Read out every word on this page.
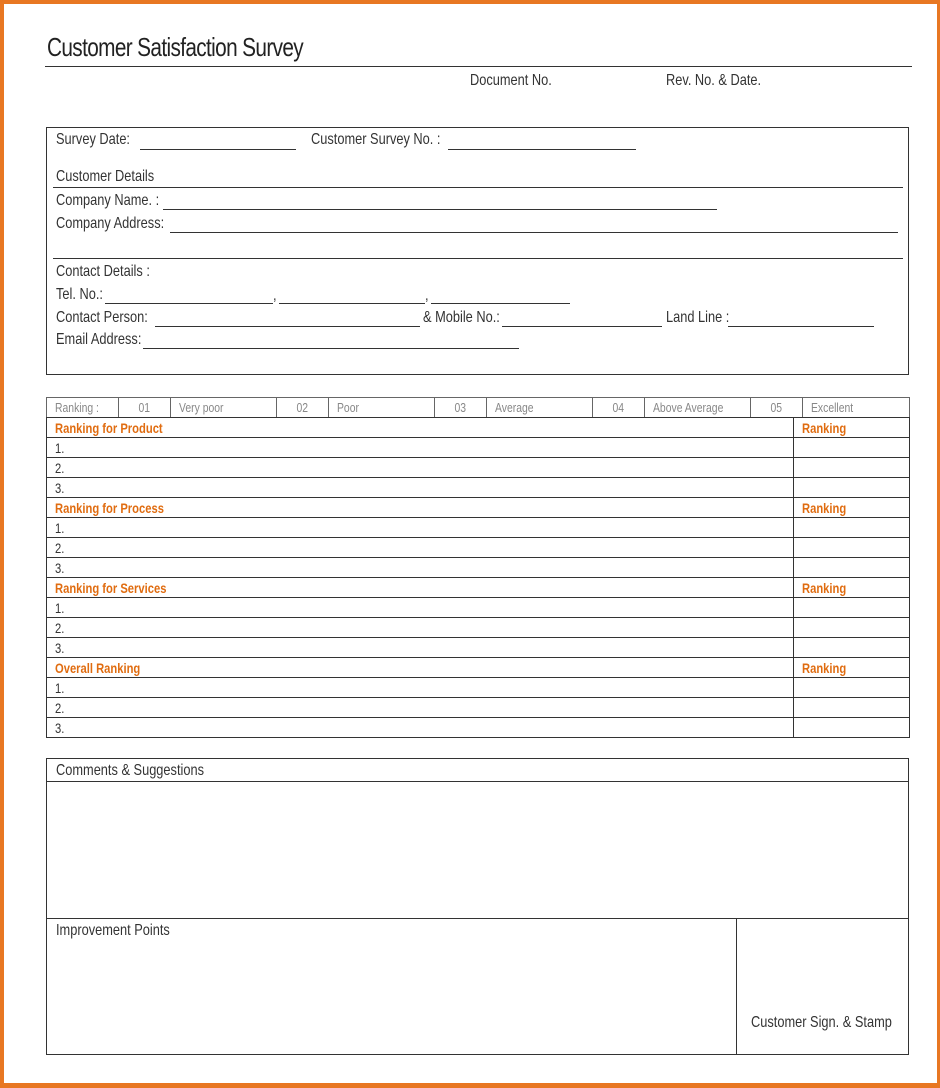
Customer Satisfaction Survey
Document No.	Rev. No. & Date.
Survey Date:	Customer Survey No. :
Customer Details
Company Name. :
Company Address:
Contact Details :
Tel. No.:	,	,
Contact Person:	& Mobile No.:	Land Line :
Email Address:
Ranking :	01	Very poor	02	Poor	03	Average	04	Above Average	05	Excellent
Ranking for Product	Ranking
1.	
2.	
3.	
Ranking for Process	Ranking
1.	
2.	
3.	
Ranking for Services	Ranking
1.	
2.	
3.	
Overall Ranking	Ranking
1.	
2.	
3.	
Comments & Suggestions
Improvement Points
Customer Sign. & Stamp
